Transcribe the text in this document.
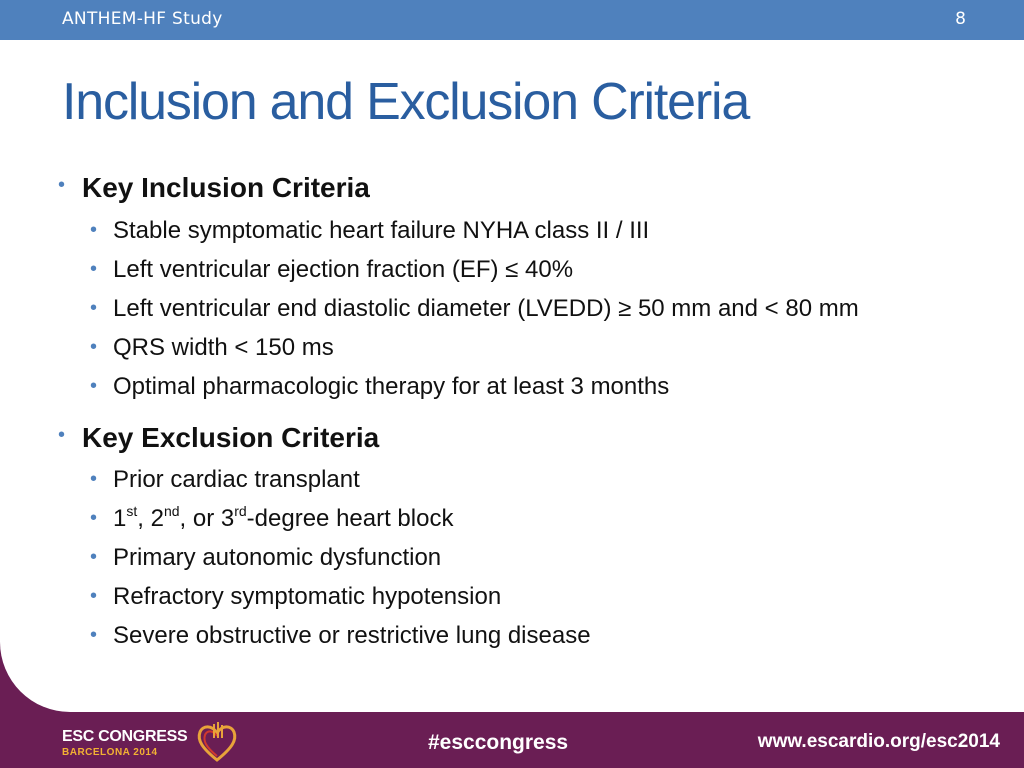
ANTHEM-HF Study	8
Inclusion and Exclusion Criteria
• Key Inclusion Criteria
• Stable symptomatic heart failure NYHA class II / III
• Left ventricular ejection fraction (EF) ≤ 40%
• Left ventricular end diastolic diameter (LVEDD) ≥ 50 mm and < 80 mm
• QRS width < 150 ms
• Optimal pharmacologic therapy for at least 3 months
• Key Exclusion Criteria
• Prior cardiac transplant
• 1st, 2nd, or 3rd-degree heart block
• Primary autonomic dysfunction
• Refractory symptomatic hypotension
• Severe obstructive or restrictive lung disease
ESC CONGRESS
BARCELONA 2014	#esccongress	www.escardio.org/esc2014
